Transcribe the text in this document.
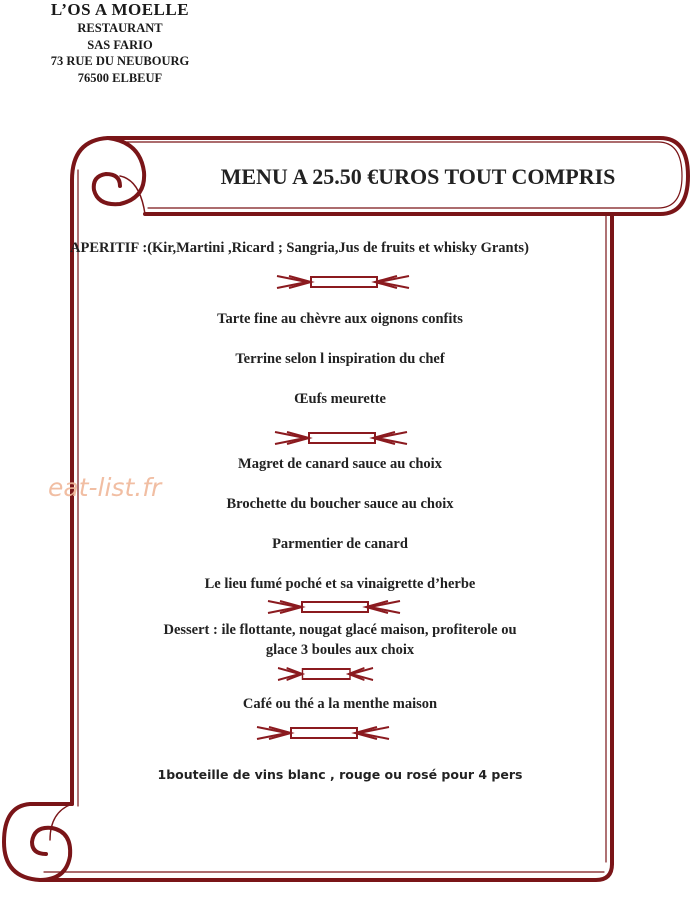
L’OS A MOELLE
RESTAURANT
SAS FARIO
73 RUE DU NEUBOURG
76500 ELBEUF
MENU A 25.50 €UROS TOUT COMPRIS
APERITIF :(Kir,Martini ,Ricard ; Sangria,Jus de fruits et whisky Grants)
Tarte fine au chèvre aux oignons confits
Terrine selon l inspiration du chef
Œufs meurette
Magret de canard sauce au choix
Brochette du boucher sauce au choix
Parmentier de canard
Le lieu fumé poché et sa vinaigrette d’herbe
Dessert : ile flottante, nougat glacé maison, profiterole ou
glace 3 boules aux choix
Café ou thé a la menthe maison
1bouteille de vins blanc , rouge ou rosé pour 4 pers
eat-list.fr
